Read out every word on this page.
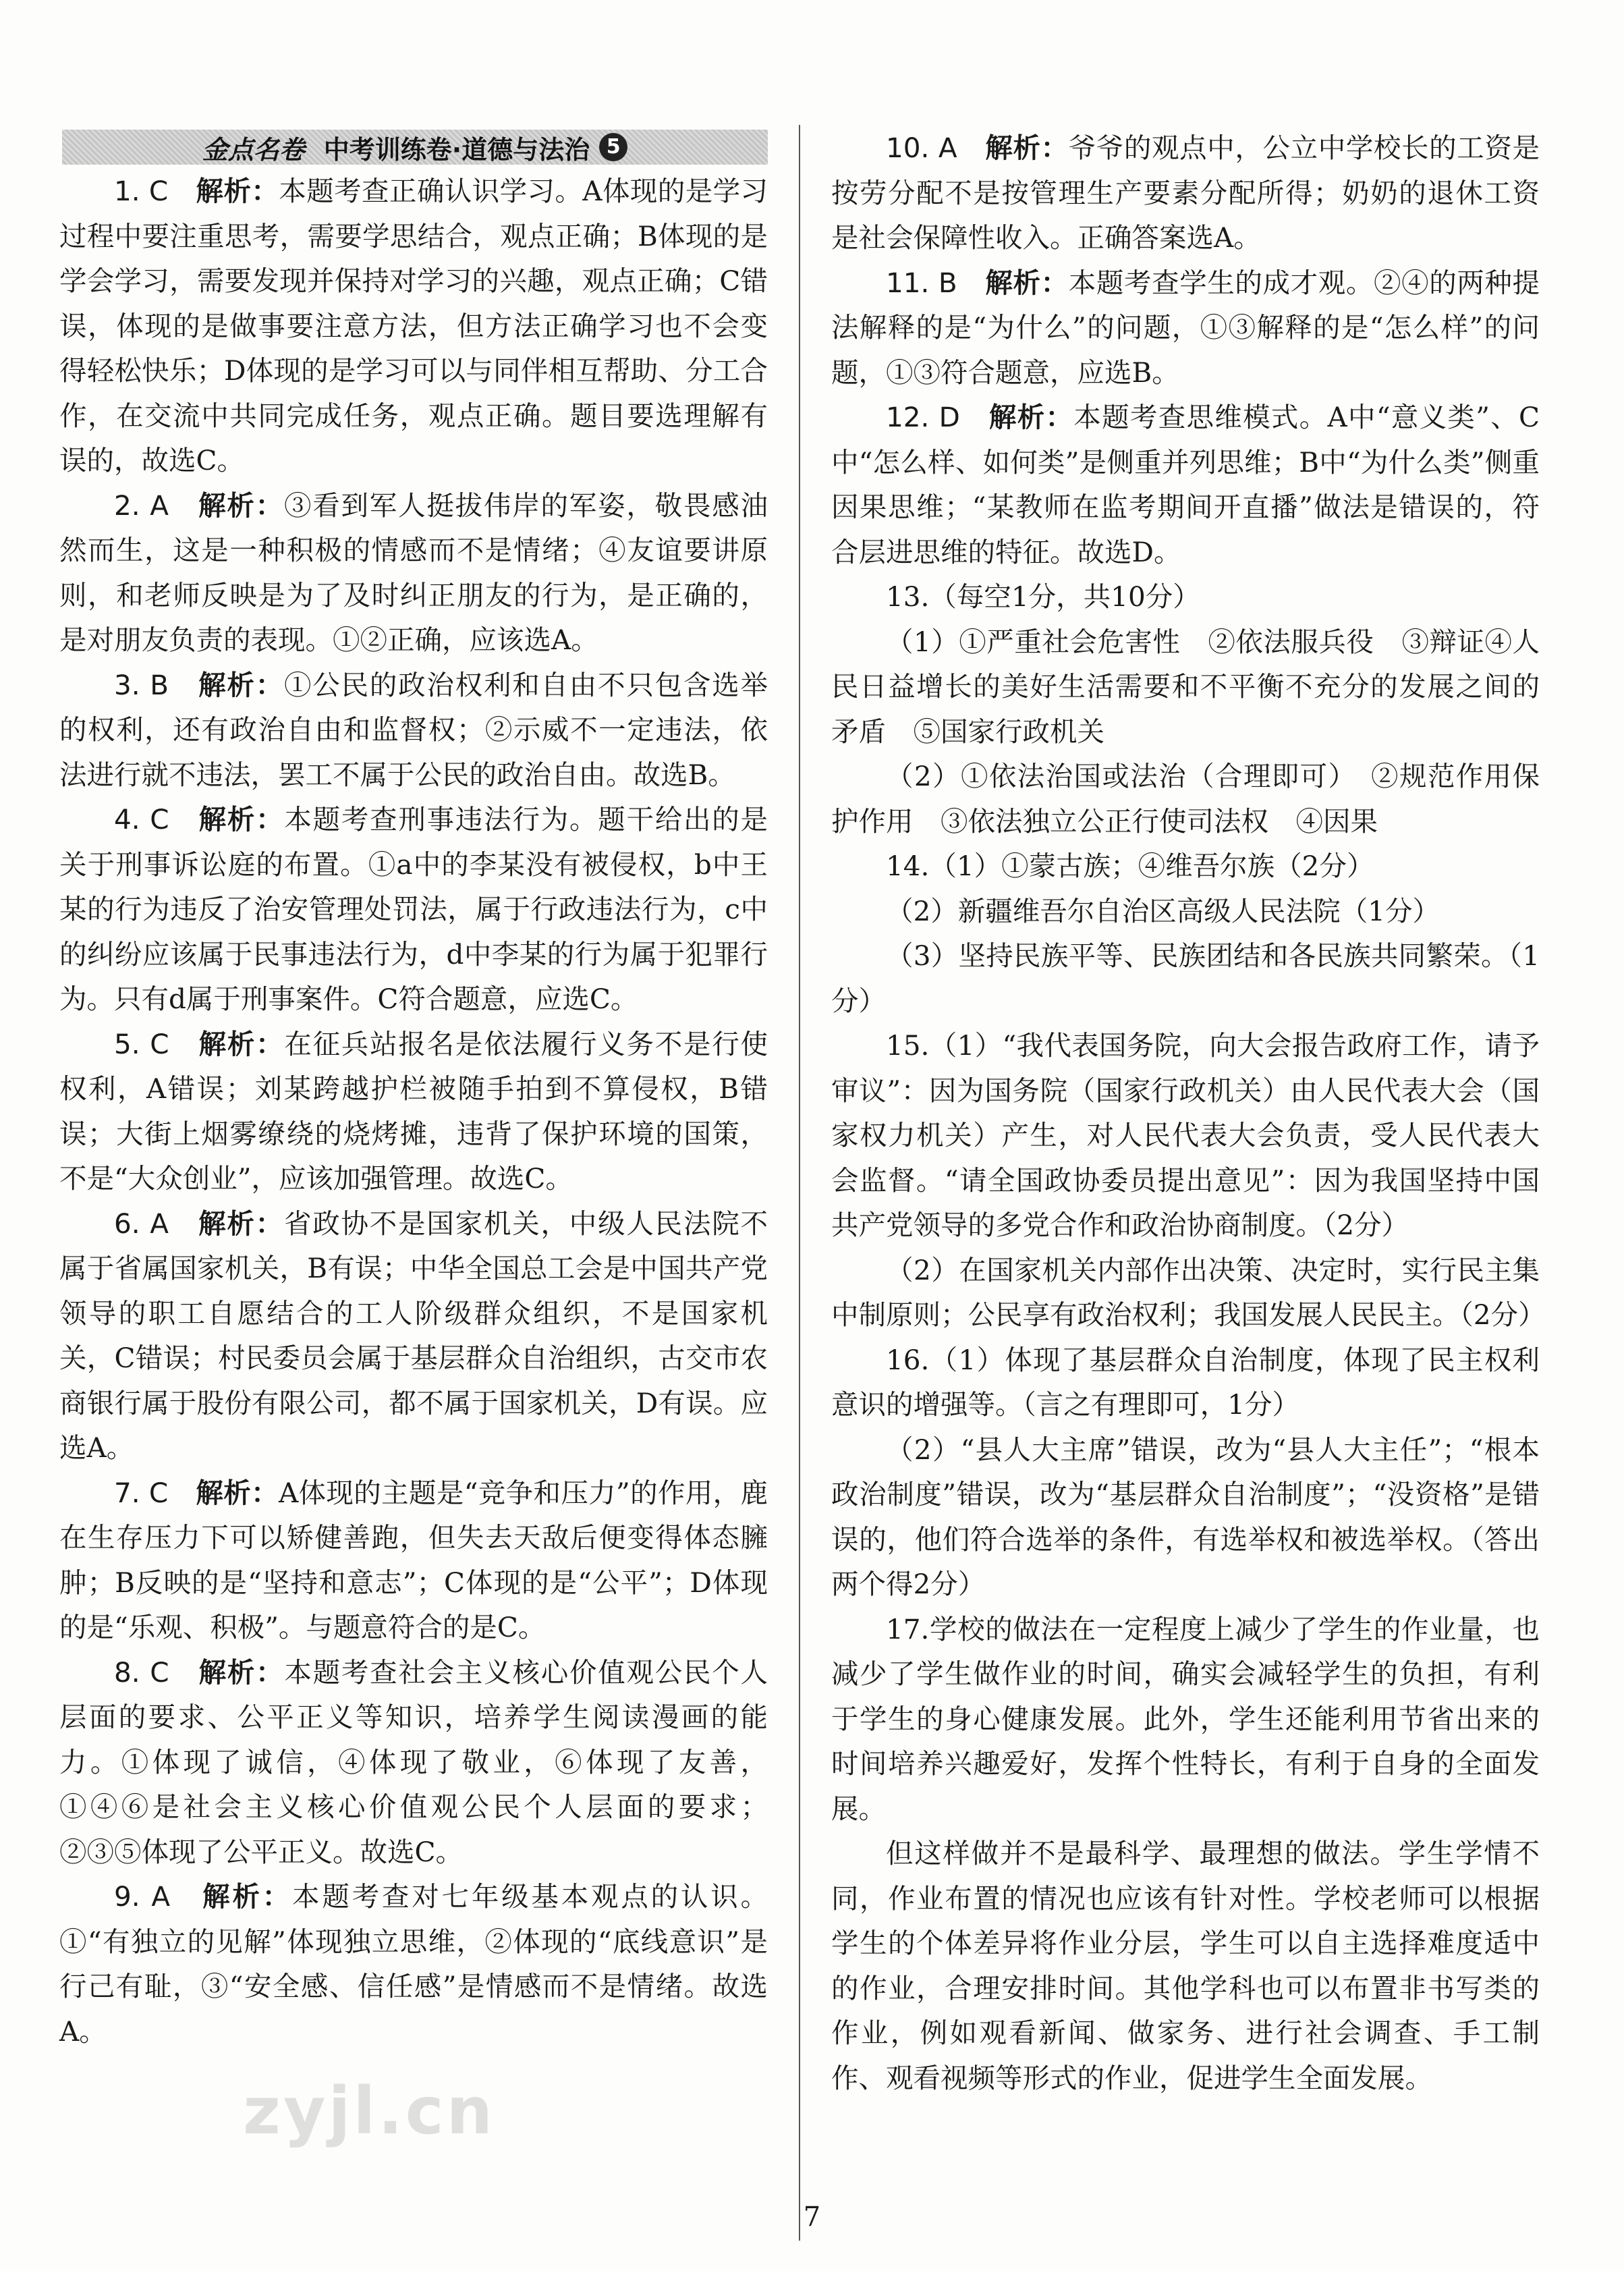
金点名卷 中考训练卷·道德与法治 5

1. C　 解析：本题考查正确认识学习。A体现的是学习过程中要注重思考，需要学思结合，观点正确；B体现的是学会学习，需要发现并保持对学习的兴趣，观点正确；C错误，体现的是做事要注意方法，但方法正确学习也不会变得轻松快乐；D体现的是学习可以与同伴相互帮助、分工合作，在交流中共同完成任务，观点正确。题目要选理解有误的，故选C。

2. A　 解析：③看到军人挺拔伟岸的军姿，敬畏感油然而生，这是一种积极的情感而不是情绪；④友谊要讲原则，和老师反映是为了及时纠正朋友的行为，是正确的，是对朋友负责的表现。①②正确，应该选A。

3. B　 解析：①公民的政治权利和自由不只包含选举的权利，还有政治自由和监督权；②示威不一定违法，依法进行就不违法，罢工不属于公民的政治自由。故选B。

4. C　 解析：本题考查刑事违法行为。题干给出的是关于刑事诉讼庭的布置。①a中的李某没有被侵权，b中王某的行为违反了治安管理处罚法，属于行政违法行为，c中的纠纷应该属于民事违法行为，d中李某的行为属于犯罪行为。只有d属于刑事案件。C符合题意，应选C。

5. C　 解析：在征兵站报名是依法履行义务不是行使权利，A错误；刘某跨越护栏被随手拍到不算侵权，B错误；大街上烟雾缭绕的烧烤摊，违背了保护环境的国策，不是“大众创业”，应该加强管理。故选C。

6. A　 解析：省政协不是国家机关，中级人民法院不属于省属国家机关，B有误；中华全国总工会是中国共产党领导的职工自愿结合的工人阶级群众组织，不是国家机关，C错误；村民委员会属于基层群众自治组织，古交市农商银行属于股份有限公司，都不属于国家机关，D有误。应选A。

7. C　 解析：A体现的主题是“竞争和压力”的作用，鹿在生存压力下可以矫健善跑，但失去天敌后便变得体态臃肿；B反映的是“坚持和意志”；C体现的是“公平”；D体现的是“乐观、积极”。与题意符合的是C。

8. C　 解析：本题考查社会主义核心价值观公民个人层面的要求、公平正义等知识，培养学生阅读漫画的能力。①体现了诚信，④体现了敬业，⑥体现了友善，①④⑥是社会主义核心价值观公民个人层面的要求；②③⑤体现了公平正义。故选C。

9. A　 解析：本题考查对七年级基本观点的认识。①“有独立的见解”体现独立思维，②体现的“底线意识”是行己有耻，③“安全感、信任感”是情感而不是情绪。故选A。

10. A　 解析：爷爷的观点中，公立中学校长的工资是按劳分配不是按管理生产要素分配所得；奶奶的退休工资是社会保障性收入。正确答案选A。

11. B　 解析：本题考查学生的成才观。②④的两种提法解释的是“为什么”的问题，①③解释的是“怎么样”的问题，①③符合题意，应选B。

12. D　 解析：本题考查思维模式。A中“意义类”、C中“怎么样、如何类”是侧重并列思维；B中“为什么类”侧重因果思维；“某教师在监考期间开直播”做法是错误的，符合层进思维的特征。故选D。

13.（每空1分，共10分）

（1）①严重社会危害性　②依法服兵役　③辩证④人民日益增长的美好生活需要和不平衡不充分的发展之间的矛盾　⑤国家行政机关

（2）①依法治国或法治（合理即可）　②规范作用保护作用　③依法独立公正行使司法权　④因果

14.（1）①蒙古族；④维吾尔族（2分）

（2）新疆维吾尔自治区高级人民法院（1分）

（3）坚持民族平等、民族团结和各民族共同繁荣。（1分）

15.（1）“我代表国务院，向大会报告政府工作，请予审议”：因为国务院（国家行政机关）由人民代表大会（国家权力机关）产生，对人民代表大会负责，受人民代表大会监督。“请全国政协委员提出意见”：因为我国坚持中国共产党领导的多党合作和政治协商制度。（2分）

（2）在国家机关内部作出决策、决定时，实行民主集中制原则；公民享有政治权利；我国发展人民民主。（2分）

16.（1）体现了基层群众自治制度，体现了民主权利意识的增强等。（言之有理即可，1分）

（2）“县人大主席”错误，改为“县人大主任”；“根本政治制度”错误，改为“基层群众自治制度”；“没资格”是错误的，他们符合选举的条件，有选举权和被选举权。（答出两个得2分）

17.学校的做法在一定程度上减少了学生的作业量，也减少了学生做作业的时间，确实会减轻学生的负担，有利于学生的身心健康发展。此外，学生还能利用节省出来的时间培养兴趣爱好，发挥个性特长，有利于自身的全面发展。

但这样做并不是最科学、最理想的做法。学生学情不同，作业布置的情况也应该有针对性。学校老师可以根据学生的个体差异将作业分层，学生可以自主选择难度适中的作业，合理安排时间。其他学科也可以布置非书写类的作业，例如观看新闻、做家务、进行社会调查、手工制作、观看视频等形式的作业，促进学生全面发展。

zyjl.cn
7
